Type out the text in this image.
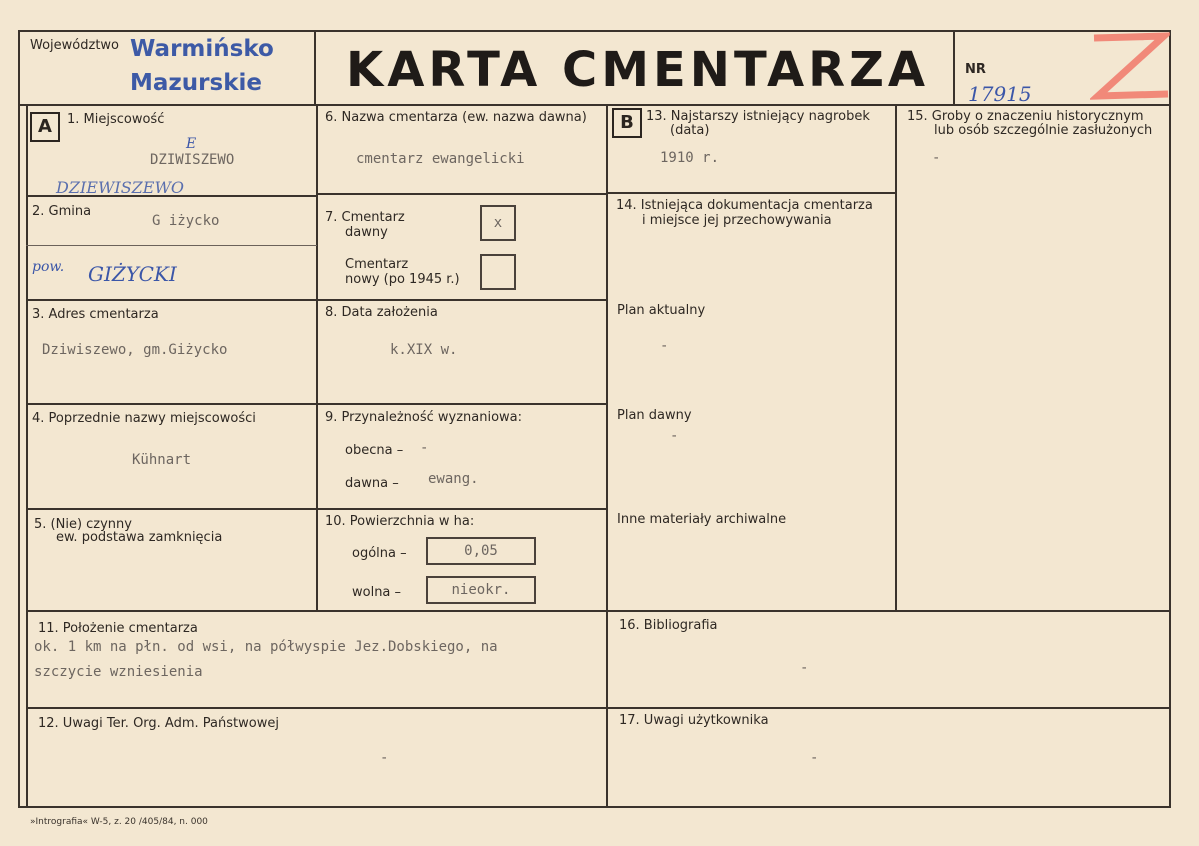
Województwo Warmińsko
Mazurskie KARTA CMENTARZA	NR
17915
A	1. Miejscowość
E
DZIWISZEWO
DZIEWISZEWO
2. Gmina
G iżycko
pow. GIŻYCKI
3. Adres cmentarza
Dziwiszewo, gm.Giżycko
4. Poprzednie nazwy miejscowości
Kühnart
5. (Nie) czynny
ew. podstawa zamknięcia
6. Nazwa cmentarza (ew. nazwa dawna)
cmentarz ewangelicki
7. Cmentarz
dawny
x
Cmentarz
nowy (po 1945 r.)
8. Data założenia
k.XIX w.
9. Przynależność wyznaniowa:
obecna – -
dawna – ewang.
10. Powierzchnia w ha:
ogólna –	0,05
wolna –	nieokr.
11. Położenie cmentarza
ok. 1 km na płn. od wsi, na półwyspie Jez.Dobskiego, na
szczycie wzniesienia
12. Uwagi Ter. Org. Adm. Państwowej
-
B 13. Najstarszy istniejący nagrobek
(data)
1910 r.
14. Istniejąca dokumentacja cmentarza
i miejsce jej przechowywania
Plan aktualny
-
Plan dawny
-
Inne materiały archiwalne
15. Groby o znaczeniu historycznym
lub osób szczególnie zasłużonych
-
16. Bibliografia
-
17. Uwagi użytkownika
-
»Intrografia« W-5, z. 20 /405/84, n. 000
